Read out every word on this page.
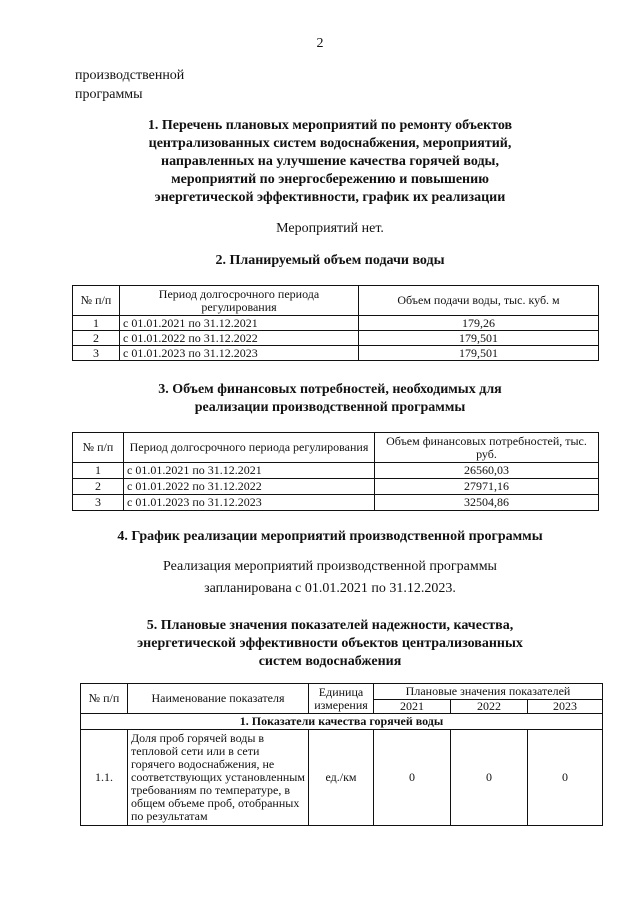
2
производственной
программы
1. Перечень плановых мероприятий по ремонту объектов
централизованных систем водоснабжения, мероприятий,
направленных на улучшение качества горячей воды,
мероприятий по энергосбережению и повышению
энергетической эффективности, график их реализации
Мероприятий нет.
2. Планируемый объем подачи воды
№ п/п	Период долгосрочного периода регулирования	Объем подачи воды, тыс. куб. м
1	с 01.01.2021 по 31.12.2021	179,26
2	с 01.01.2022 по 31.12.2022	179,501
3	с 01.01.2023 по 31.12.2023	179,501
3. Объем финансовых потребностей, необходимых для
реализации производственной программы
№ п/п	Период долгосрочного периода регулирования	Объем финансовых потребностей, тыс. руб.
1	с 01.01.2021 по 31.12.2021	26560,03
2	с 01.01.2022 по 31.12.2022	27971,16
3	с 01.01.2023 по 31.12.2023	32504,86
4. График реализации мероприятий производственной программы
Реализация мероприятий производственной программы
запланирована с 01.01.2021 по 31.12.2023.
5. Плановые значения показателей надежности, качества,
энергетической эффективности объектов централизованных
систем водоснабжения
№ п/п	Наименование показателя	Единица измерения	Плановые значения показателей		
			2021	2022	2023
1. Показатели качества горячей воды					
1.1.	Доля проб горячей воды в тепловой сети или в сети горячего водоснабжения, не соответствующих установленным требованиям по температуре, в общем объеме проб, отобранных по результатам	ед./км	0	0	0
